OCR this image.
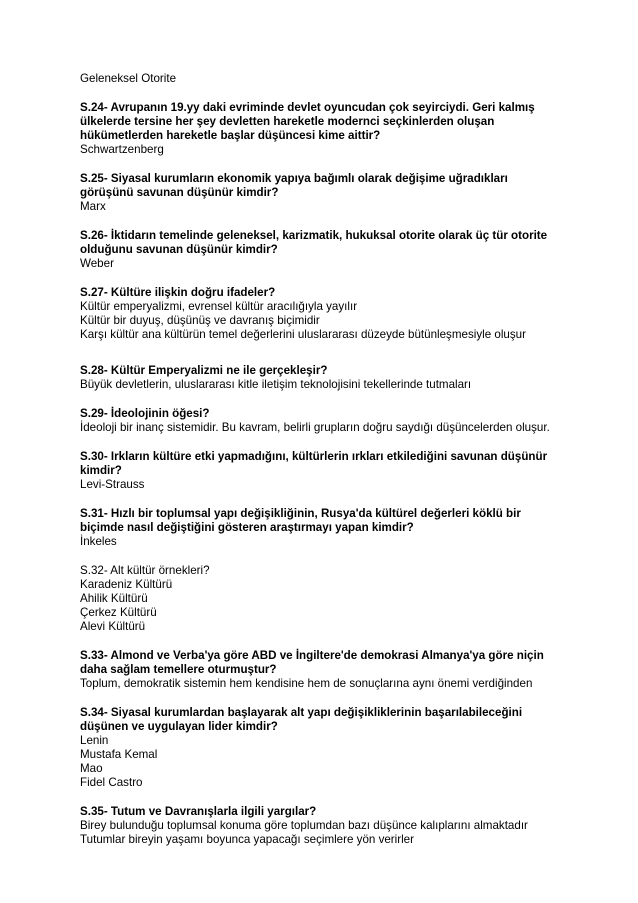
Geleneksel Otorite
S.24- Avrupanın 19.yy daki evriminde devlet oyuncudan çok seyirciydi. Geri kalmış
ülkelerde tersine her şey devletten hareketle modernci seçkinlerden oluşan
hükümetlerden hareketle başlar düşüncesi kime aittir?
Schwartzenberg
S.25- Siyasal kurumların ekonomik yapıya bağımlı olarak değişime uğradıkları
görüşünü savunan düşünür kimdir?
Marx
S.26- İktidarın temelinde geleneksel, karizmatik, hukuksal otorite olarak üç tür otorite
olduğunu savunan düşünür kimdir?
Weber
S.27- Kültüre ilişkin doğru ifadeler?
Kültür emperyalizmi, evrensel kültür aracılığıyla yayılır
Kültür bir duyuş, düşünüş ve davranış biçimidir
Karşı kültür ana kültürün temel değerlerini uluslararası düzeyde bütünleşmesiyle oluşur
S.28- Kültür Emperyalizmi ne ile gerçekleşir?
Büyük devletlerin, uluslararası kitle iletişim teknolojisini tekellerinde tutmaları
S.29- İdeolojinin öğesi?
İdeoloji bir inanç sistemidir. Bu kavram, belirli grupların doğru saydığı düşüncelerden oluşur.
S.30- Irkların kültüre etki yapmadığını, kültürlerin ırkları etkilediğini savunan düşünür
kimdir?
Levi-Strauss
S.31- Hızlı bir toplumsal yapı değişikliğinin, Rusya'da kültürel değerleri köklü bir
biçimde nasıl değiştiğini gösteren araştırmayı yapan kimdir?
İnkeles
S.32- Alt kültür örnekleri?
Karadeniz Kültürü
Ahilik Kültürü
Çerkez Kültürü
Alevi Kültürü
S.33- Almond ve Verba'ya göre ABD ve İngiltere'de demokrasi Almanya'ya göre niçin
daha sağlam temellere oturmuştur?
Toplum, demokratik sistemin hem kendisine hem de sonuçlarına aynı önemi verdiğinden
S.34- Siyasal kurumlardan başlayarak alt yapı değişikliklerinin başarılabileceğini
düşünen ve uygulayan lider kimdir?
Lenin
Mustafa Kemal
Mao
Fidel Castro
S.35- Tutum ve Davranışlarla ilgili yargılar?
Birey bulunduğu toplumsal konuma göre toplumdan bazı düşünce kalıplarını almaktadır
Tutumlar bireyin yaşamı boyunca yapacağı seçimlere yön verirler
